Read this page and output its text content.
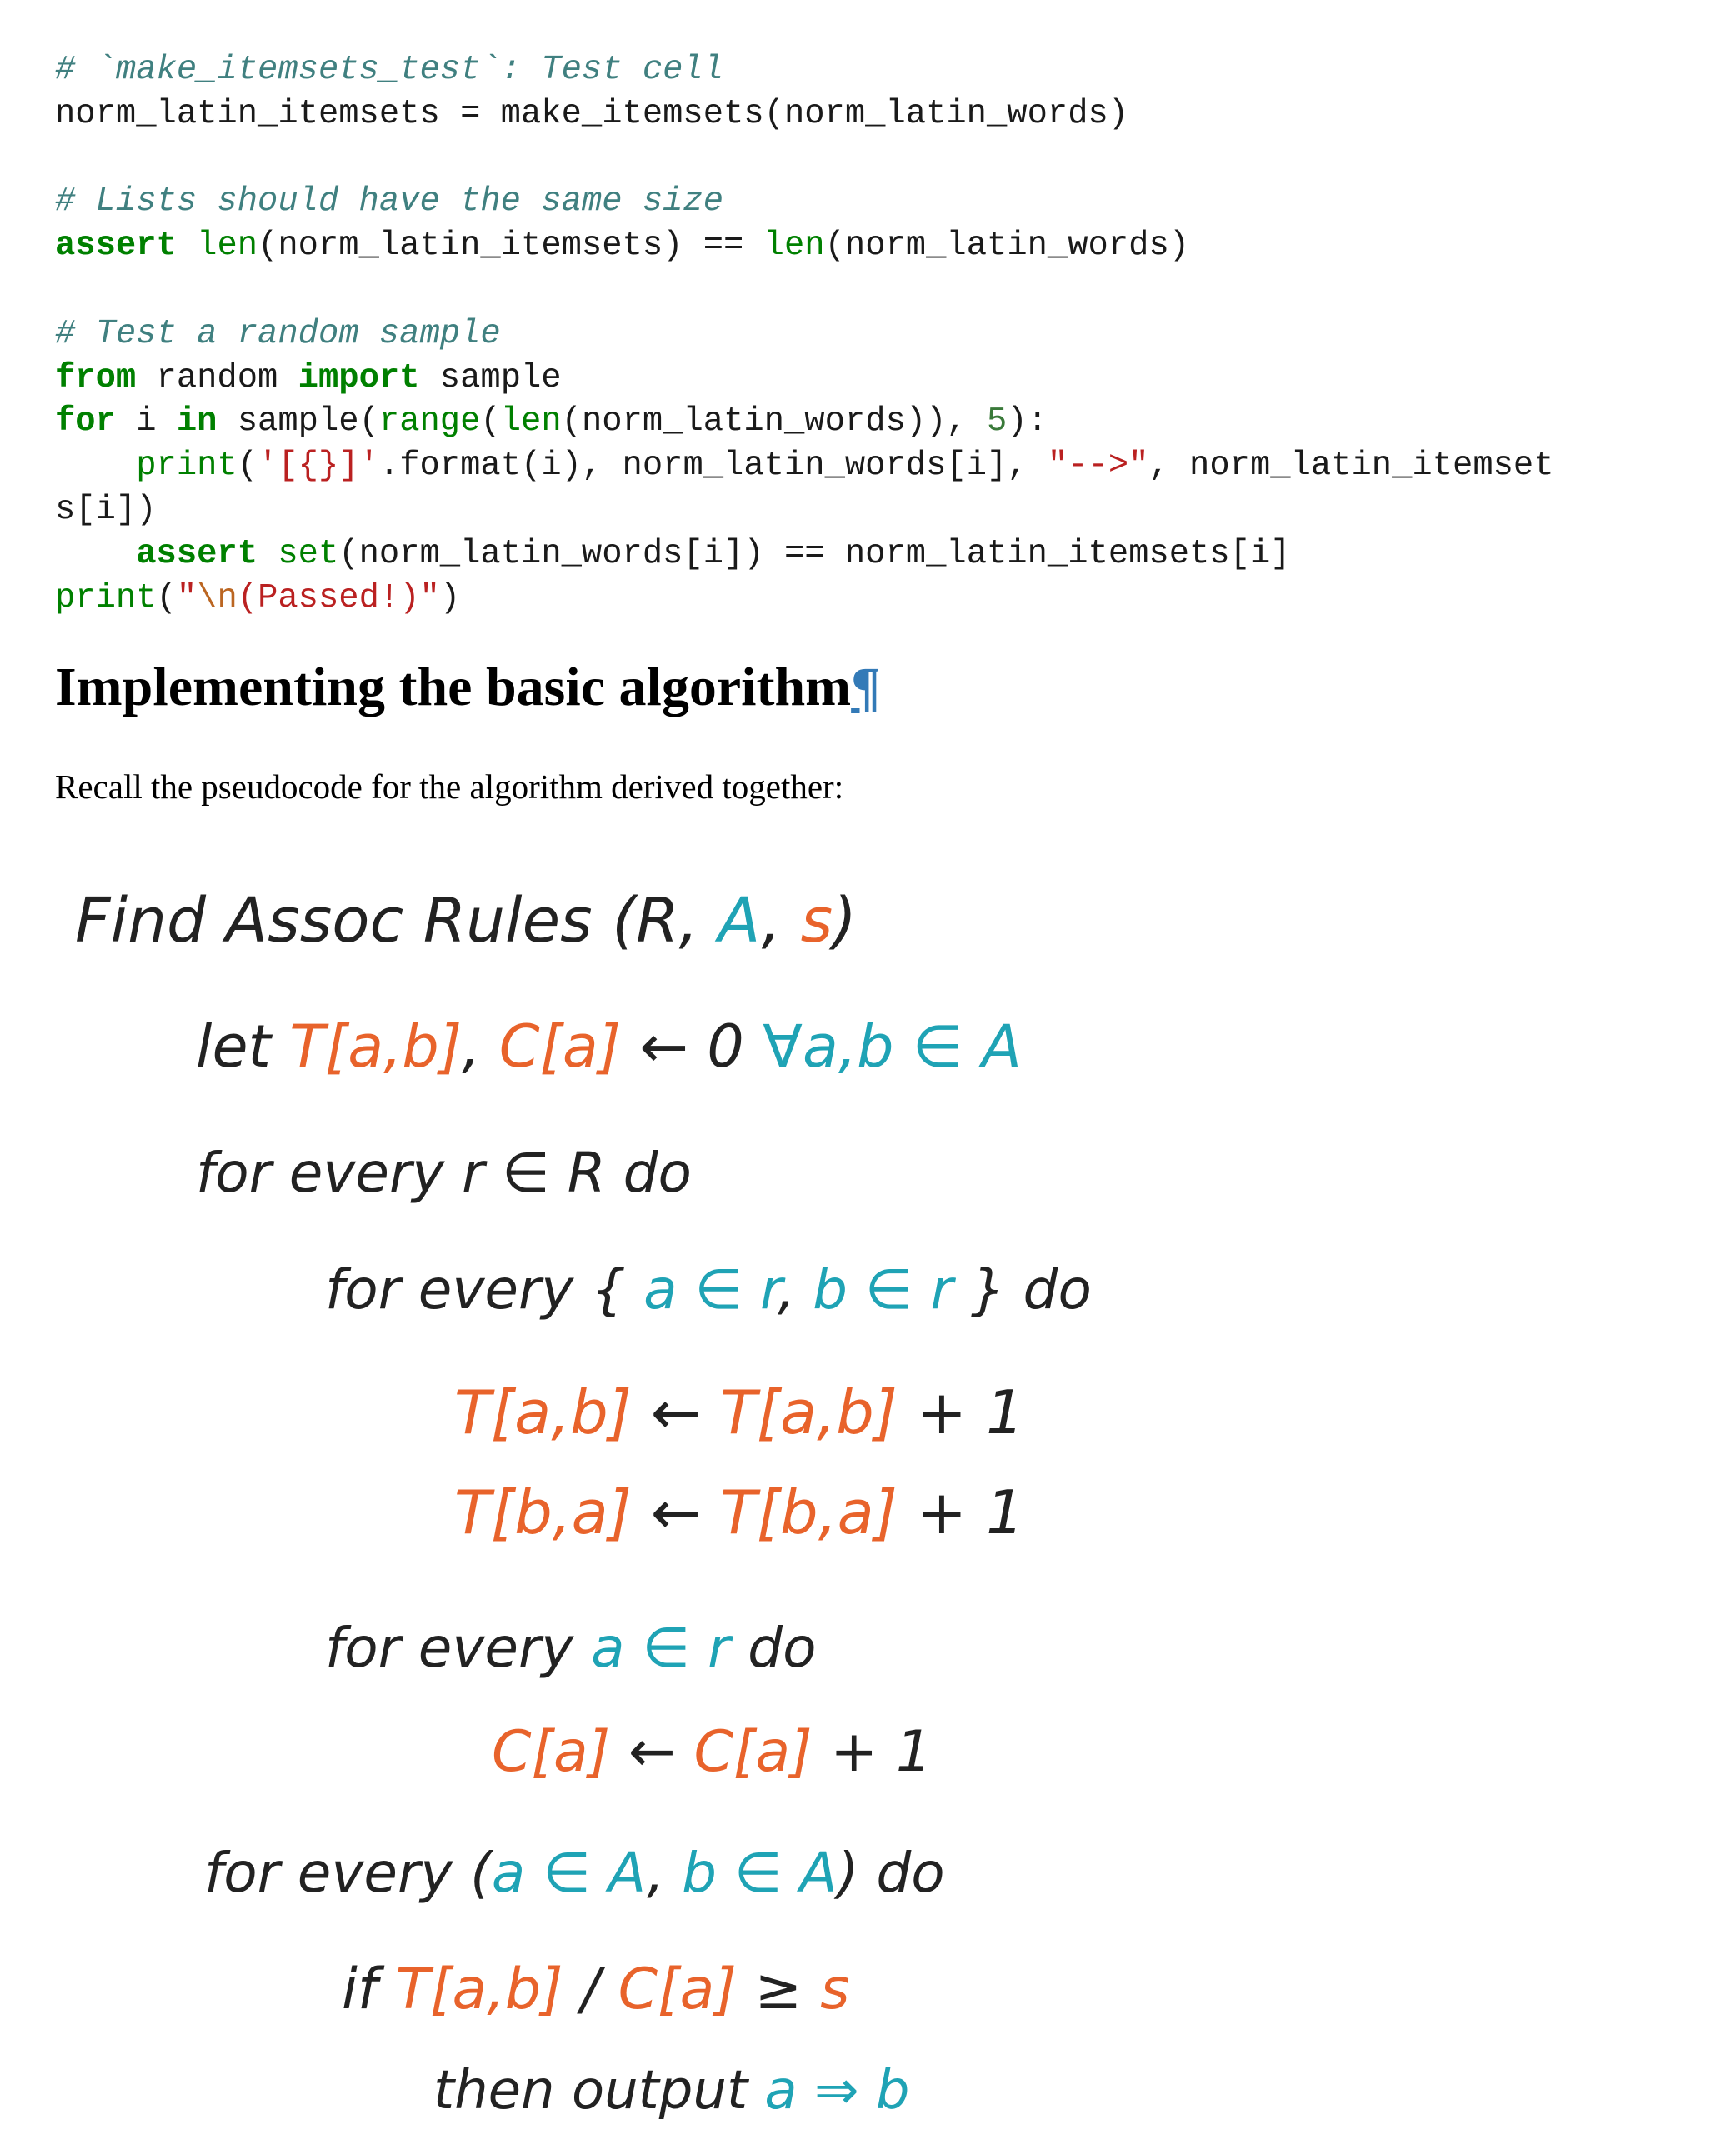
# `make_itemsets_test`: Test cell
norm_latin_itemsets = make_itemsets(norm_latin_words)

# Lists should have the same size
assert len(norm_latin_itemsets) == len(norm_latin_words)

# Test a random sample
from random import sample
for i in sample(range(len(norm_latin_words)), 5):
print('[{}]'.format(i), norm_latin_words[i], "-->", norm_latin_itemset
s[i])
assert set(norm_latin_words[i]) == norm_latin_itemsets[i]
print("\n(Passed!)")
Implementing the basic algorithm¶

Recall the pseudocode for the algorithm derived together:

Find Assoc Rules (R, A, s)
let T[a,b], C[a] ← 0 ∀a,b ∈ A
for every r ∈ R do
for every { a ∈ r, b ∈ r } do
T[a,b] ← T[a,b] + 1
T[b,a] ← T[b,a] + 1
for every a ∈ r do
C[a] ← C[a] + 1
for every (a ∈ A, b ∈ A) do
if T[a,b] / C[a] ≥ s
then output a ⇒ b
